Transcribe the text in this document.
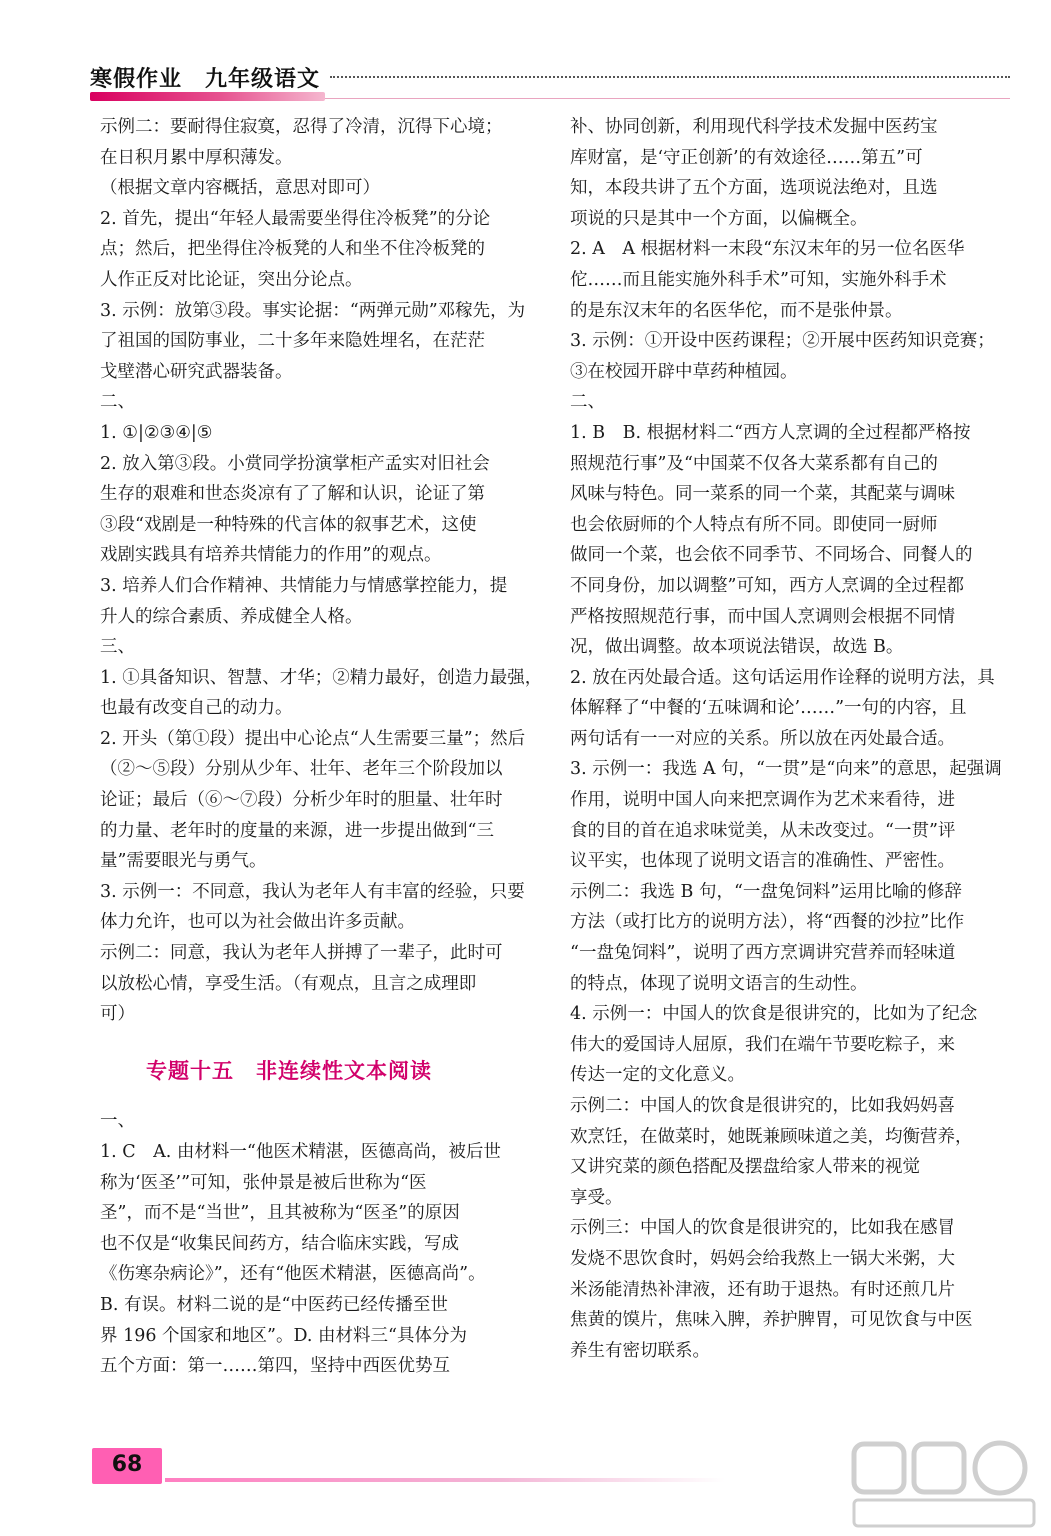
寒假作业　九年级语文
示例二：要耐得住寂寞，忍得了冷清，沉得下心境；
在日积月累中厚积薄发。
（根据文章内容概括，意思对即可）
2. 首先，提出“年轻人最需要坐得住冷板凳”的分论
点；然后，把坐得住冷板凳的人和坐不住冷板凳的
人作正反对比论证，突出分论点。
3. 示例：放第③段。事实论据：“两弹元勋”邓稼先，为
了祖国的国防事业，二十多年来隐姓埋名，在茫茫
戈壁潜心研究武器装备。
二、
1. ①|②③④|⑤
2. 放入第③段。小赏同学扮演掌柜产孟实对旧社会
生存的艰难和世态炎凉有了了解和认识，论证了第
③段“戏剧是一种特殊的代言体的叙事艺术，这使
戏剧实践具有培养共情能力的作用”的观点。
3. 培养人们合作精神、共情能力与情感掌控能力，提
升人的综合素质、养成健全人格。
三、
1. ①具备知识、智慧、才华；②精力最好，创造力最强，
也最有改变自己的动力。
2. 开头（第①段）提出中心论点“人生需要三量”；然后
（②～⑤段）分别从少年、壮年、老年三个阶段加以
论证；最后（⑥～⑦段）分析少年时的胆量、壮年时
的力量、老年时的度量的来源，进一步提出做到“三
量”需要眼光与勇气。
3. 示例一：不同意，我认为老年人有丰富的经验，只要
体力允许，也可以为社会做出许多贡献。
示例二：同意，我认为老年人拼搏了一辈子，此时可
以放松心情，享受生活。（有观点，且言之成理即
可）
专题十五　非连续性文本阅读
一、
1. C　A. 由材料一“他医术精湛，医德高尚，被后世
称为‘医圣’”可知，张仲景是被后世称为“医
圣”，而不是“当世”，且其被称为“医圣”的原因
也不仅是“收集民间药方，结合临床实践，写成
《伤寒杂病论》”，还有“他医术精湛，医德高尚”。
B. 有误。材料二说的是“中医药已经传播至世
界 196 个国家和地区”。D. 由材料三“具体分为
五个方面：第一……第四，坚持中西医优势互
补、协同创新，利用现代科学技术发掘中医药宝
库财富，是‘守正创新’的有效途径……第五”可
知，本段共讲了五个方面，选项说法绝对，且选
项说的只是其中一个方面，以偏概全。
2. A　A 根据材料一末段“东汉末年的另一位名医华
佗……而且能实施外科手术”可知，实施外科手术
的是东汉末年的名医华佗，而不是张仲景。
3. 示例：①开设中医药课程；②开展中医药知识竞赛；
③在校园开辟中草药种植园。
二、
1. B　B. 根据材料二“西方人烹调的全过程都严格按
照规范行事”及“中国菜不仅各大菜系都有自己的
风味与特色。同一菜系的同一个菜，其配菜与调味
也会依厨师的个人特点有所不同。即使同一厨师
做同一个菜，也会依不同季节、不同场合、同餐人的
不同身份，加以调整”可知，西方人烹调的全过程都
严格按照规范行事，而中国人烹调则会根据不同情
况，做出调整。故本项说法错误，故选 B。
2. 放在丙处最合适。这句话运用作诠释的说明方法，具
体解释了“中餐的‘五味调和论’……”一句的内容，且
两句话有一一对应的关系。所以放在丙处最合适。
3. 示例一：我选 A 句，“一贯”是“向来”的意思，起强调
作用，说明中国人向来把烹调作为艺术来看待，进
食的目的首在追求味觉美，从未改变过。“一贯”评
议平实，也体现了说明文语言的准确性、严密性。
示例二：我选 B 句，“一盘兔饲料”运用比喻的修辞
方法（或打比方的说明方法），将“西餐的沙拉”比作
“一盘兔饲料”，说明了西方烹调讲究营养而轻味道
的特点，体现了说明文语言的生动性。
4. 示例一：中国人的饮食是很讲究的，比如为了纪念
伟大的爱国诗人屈原，我们在端午节要吃粽子，来
传达一定的文化意义。
示例二：中国人的饮食是很讲究的，比如我妈妈喜
欢烹饪，在做菜时，她既兼顾味道之美，均衡营养，
又讲究菜的颜色搭配及摆盘给家人带来的视觉
享受。
示例三：中国人的饮食是很讲究的，比如我在感冒
发烧不思饮食时，妈妈会给我熬上一锅大米粥，大
米汤能清热补津液，还有助于退热。有时还煎几片
焦黄的馍片，焦味入脾，养护脾胃，可见饮食与中医
养生有密切联系。
68
